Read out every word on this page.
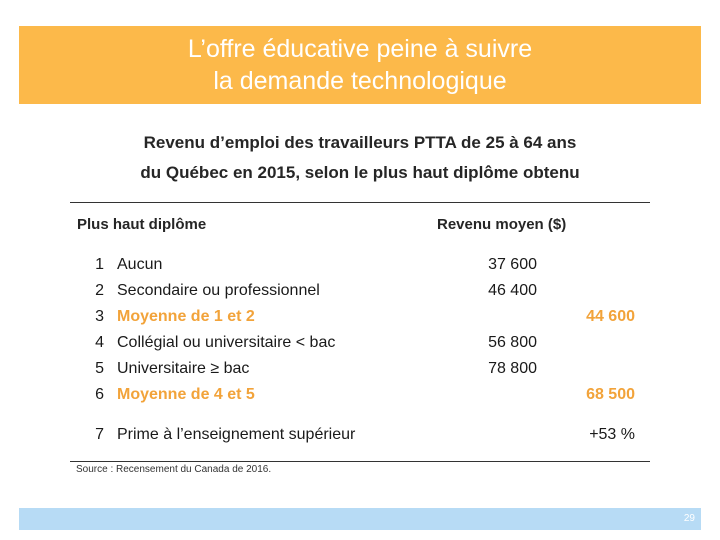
L’offre éducative peine à suivre
la demande technologique
Revenu d’emploi des travailleurs PTTA de 25 à 64 ans
du Québec en 2015, selon le plus haut diplôme obtenu
Plus haut diplôme	Revenu moyen ($)
1 Aucun	37 600
2 Secondaire ou professionnel	46 400
3 Moyenne de 1 et 2	44 600
4 Collégial ou universitaire < bac	56 800
5 Universitaire ≥ bac	78 800
6 Moyenne de 4 et 5	68 500
7 Prime à l’enseignement supérieur	+53 %
Source : Recensement du Canada de 2016.
29
